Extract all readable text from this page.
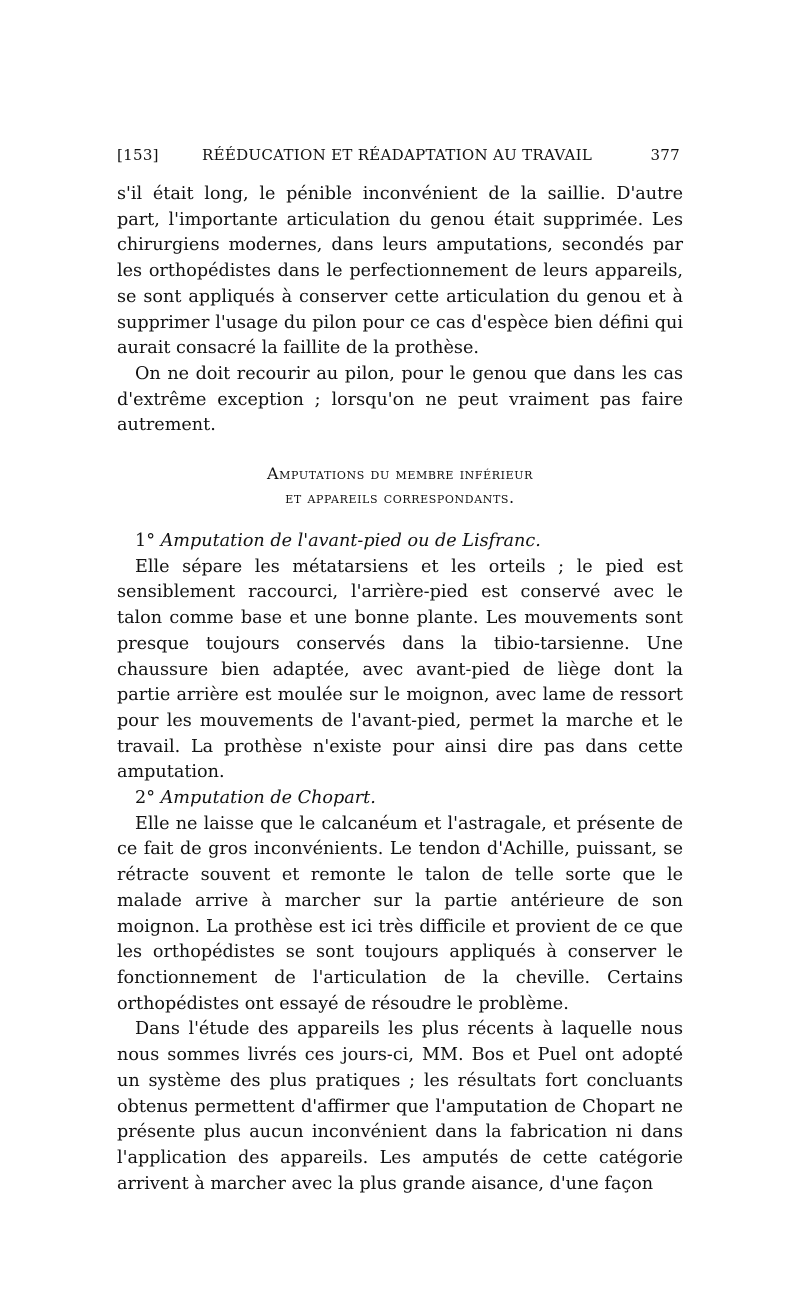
[153]	RÉÉDUCATION ET RÉADAPTATION AU TRAVAIL	377

s'il était long, le pénible inconvénient de la saillie. D'autre part, l'importante articulation du genou était supprimée. Les chirurgiens modernes, dans leurs amputations, secondés par les orthopédistes dans le perfectionnement de leurs appareils, se sont appliqués à conserver cette articulation du genou et à supprimer l'usage du pilon pour ce cas d'espèce bien défini qui aurait consacré la faillite de la prothèse.

On ne doit recourir au pilon, pour le genou que dans les cas d'extrême exception ; lorsqu'on ne peut vraiment pas faire autrement.

Amputations du membre inférieur
et appareils correspondants.

1° Amputation de l'avant-pied ou de Lisfranc.

Elle sépare les métatarsiens et les orteils ; le pied est sensiblement raccourci, l'arrière-pied est conservé avec le talon comme base et une bonne plante. Les mouvements sont presque toujours conservés dans la tibio-tarsienne. Une chaussure bien adaptée, avec avant-pied de liège dont la partie arrière est moulée sur le moignon, avec lame de ressort pour les mouvements de l'avant-pied, permet la marche et le travail. La prothèse n'existe pour ainsi dire pas dans cette amputation.

2° Amputation de Chopart.

Elle ne laisse que le calcanéum et l'astragale, et présente de ce fait de gros inconvénients. Le tendon d'Achille, puissant, se rétracte souvent et remonte le talon de telle sorte que le malade arrive à marcher sur la partie antérieure de son moignon. La prothèse est ici très difficile et provient de ce que les orthopédistes se sont toujours appliqués à conserver le fonctionnement de l'articulation de la cheville. Certains orthopédistes ont essayé de résoudre le problème.

Dans l'étude des appareils les plus récents à laquelle nous nous sommes livrés ces jours-ci, MM. Bos et Puel ont adopté un système des plus pratiques ; les résultats fort concluants obtenus permettent d'affirmer que l'amputation de Chopart ne présente plus aucun inconvénient dans la fabrication ni dans l'application des appareils. Les amputés de cette catégorie arrivent à marcher avec la plus grande aisance, d'une façon
